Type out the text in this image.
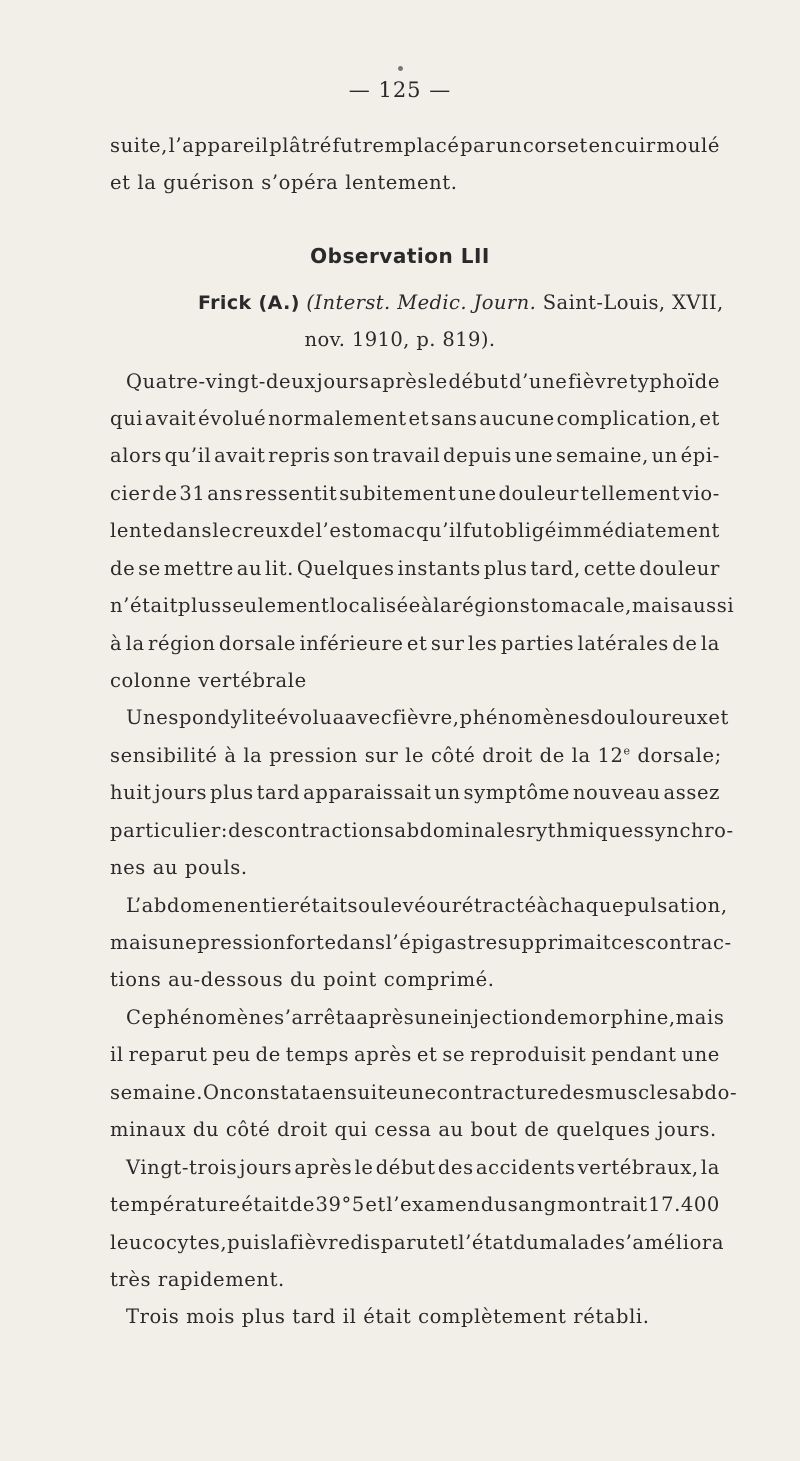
— 125 —
suite, l’appareil plâtré fut remplacé par un corset en cuir moulé
et la guérison s’opéra lentement.
Observation LII
Frick (A.) (Interst. Medic. Journ. Saint-Louis, XVII,
nov. 1910, p. 819).
Quatre-vingt-deux jours après le début d’une fièvre typhoïde
qui avait évolué normalement et sans aucune complication, et
alors qu’il avait repris son travail depuis une semaine, un épi-
cier de 31 ans ressentit subitement une douleur tellement vio-
lente dans le creux de l’estomac qu’il fut obligé immédiatement
de se mettre au lit. Quelques instants plus tard, cette douleur
n’était plus seulement localisée à la région stomacale, mais aussi
à la région dorsale inférieure et sur les parties latérales de la
colonne vertébrale
Une spondylite évolua avec fièvre, phénomènes douloureux et
sensibilité à la pression sur le côté droit de la 12e dorsale;
huit jours plus tard apparaissait un symptôme nouveau assez
particulier : des contractions abdominales rythmiques synchro-
nes au pouls.
L’abdomen entier était soulevé ou rétracté à chaque pulsation,
mais une pression forte dans l’épigastre supprimait ces contrac-
tions au-dessous du point comprimé.
Ce phénomène s’arrêta après une injection de morphine, mais
il reparut peu de temps après et se reproduisit pendant une
semaine. On constata ensuite une contracture des muscles abdo-
minaux du côté droit qui cessa au bout de quelques jours.
Vingt-trois jours après le début des accidents vertébraux, la
température était de 39°5 et l’examen du sang montrait 17.400
leucocytes, puis la fièvre disparut et l’état du malade s’améliora
très rapidement.
Trois mois plus tard il était complètement rétabli.
